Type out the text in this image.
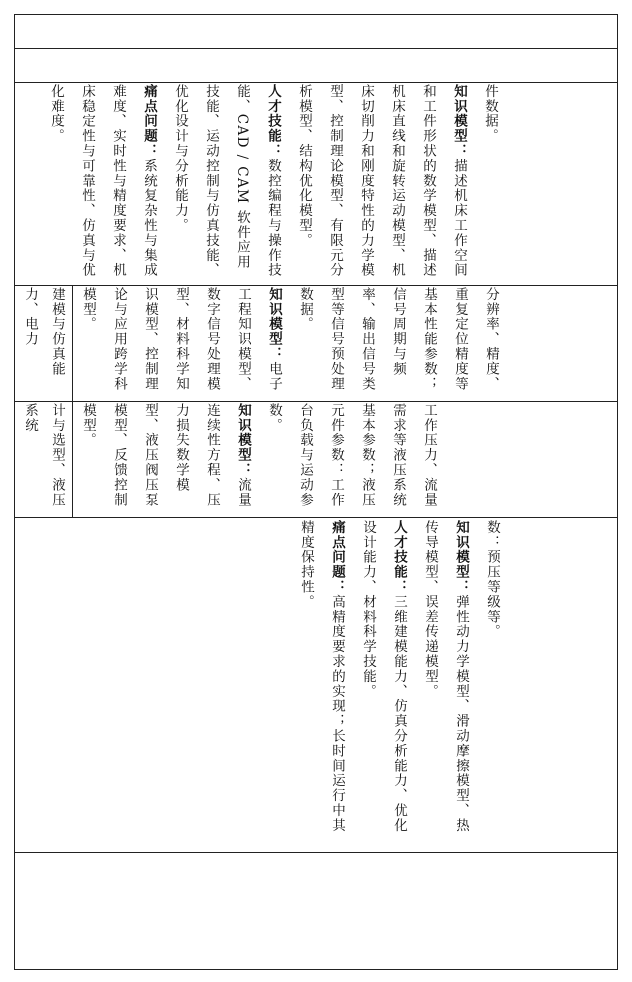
件数据。
知识模型：描述机床工作空间和工件形状的数学模型、描述机床直线和旋转运动模型、机床切削力和刚度特性的力学模型、控制理论模型、有限元分析模型、结构优化模型。
人才技能：数控编程与操作技能、CAD / CAM 软件应用技能、运动控制与仿真技能、优化设计与分析能力。
痛点问题：系统复杂性与集成难度、实时性与精度要求、机床稳定性与可靠性、仿真与优化难度。
分辨率、精度、重复定位精度等基本性能参数；信号周期与频率、输出信号类型等信号预处理数据。
知识模型：电子工程知识模型、数字信号处理模型、材料科学知识模型、控制理论与应用跨学科模型。
建模与仿真能力、电力
工作压力、流量需求等液压系统基本参数；液压元件参数：工作台负载与运动参数。
知识模型：流量连续性方程、压力损失数学模型、液压阀压泵模型、反馈控制模型。
计与选型、液压系统
数：预压等级等。
知识模型：弹性动力学模型、滑动摩擦模型、热传导模型、误差传递模型。
人才技能：三维建模能力、仿真分析能力、优化设计能力、材料科学技能。
痛点问题：高精度要求的实现；长时间运行中其精度保持性。
